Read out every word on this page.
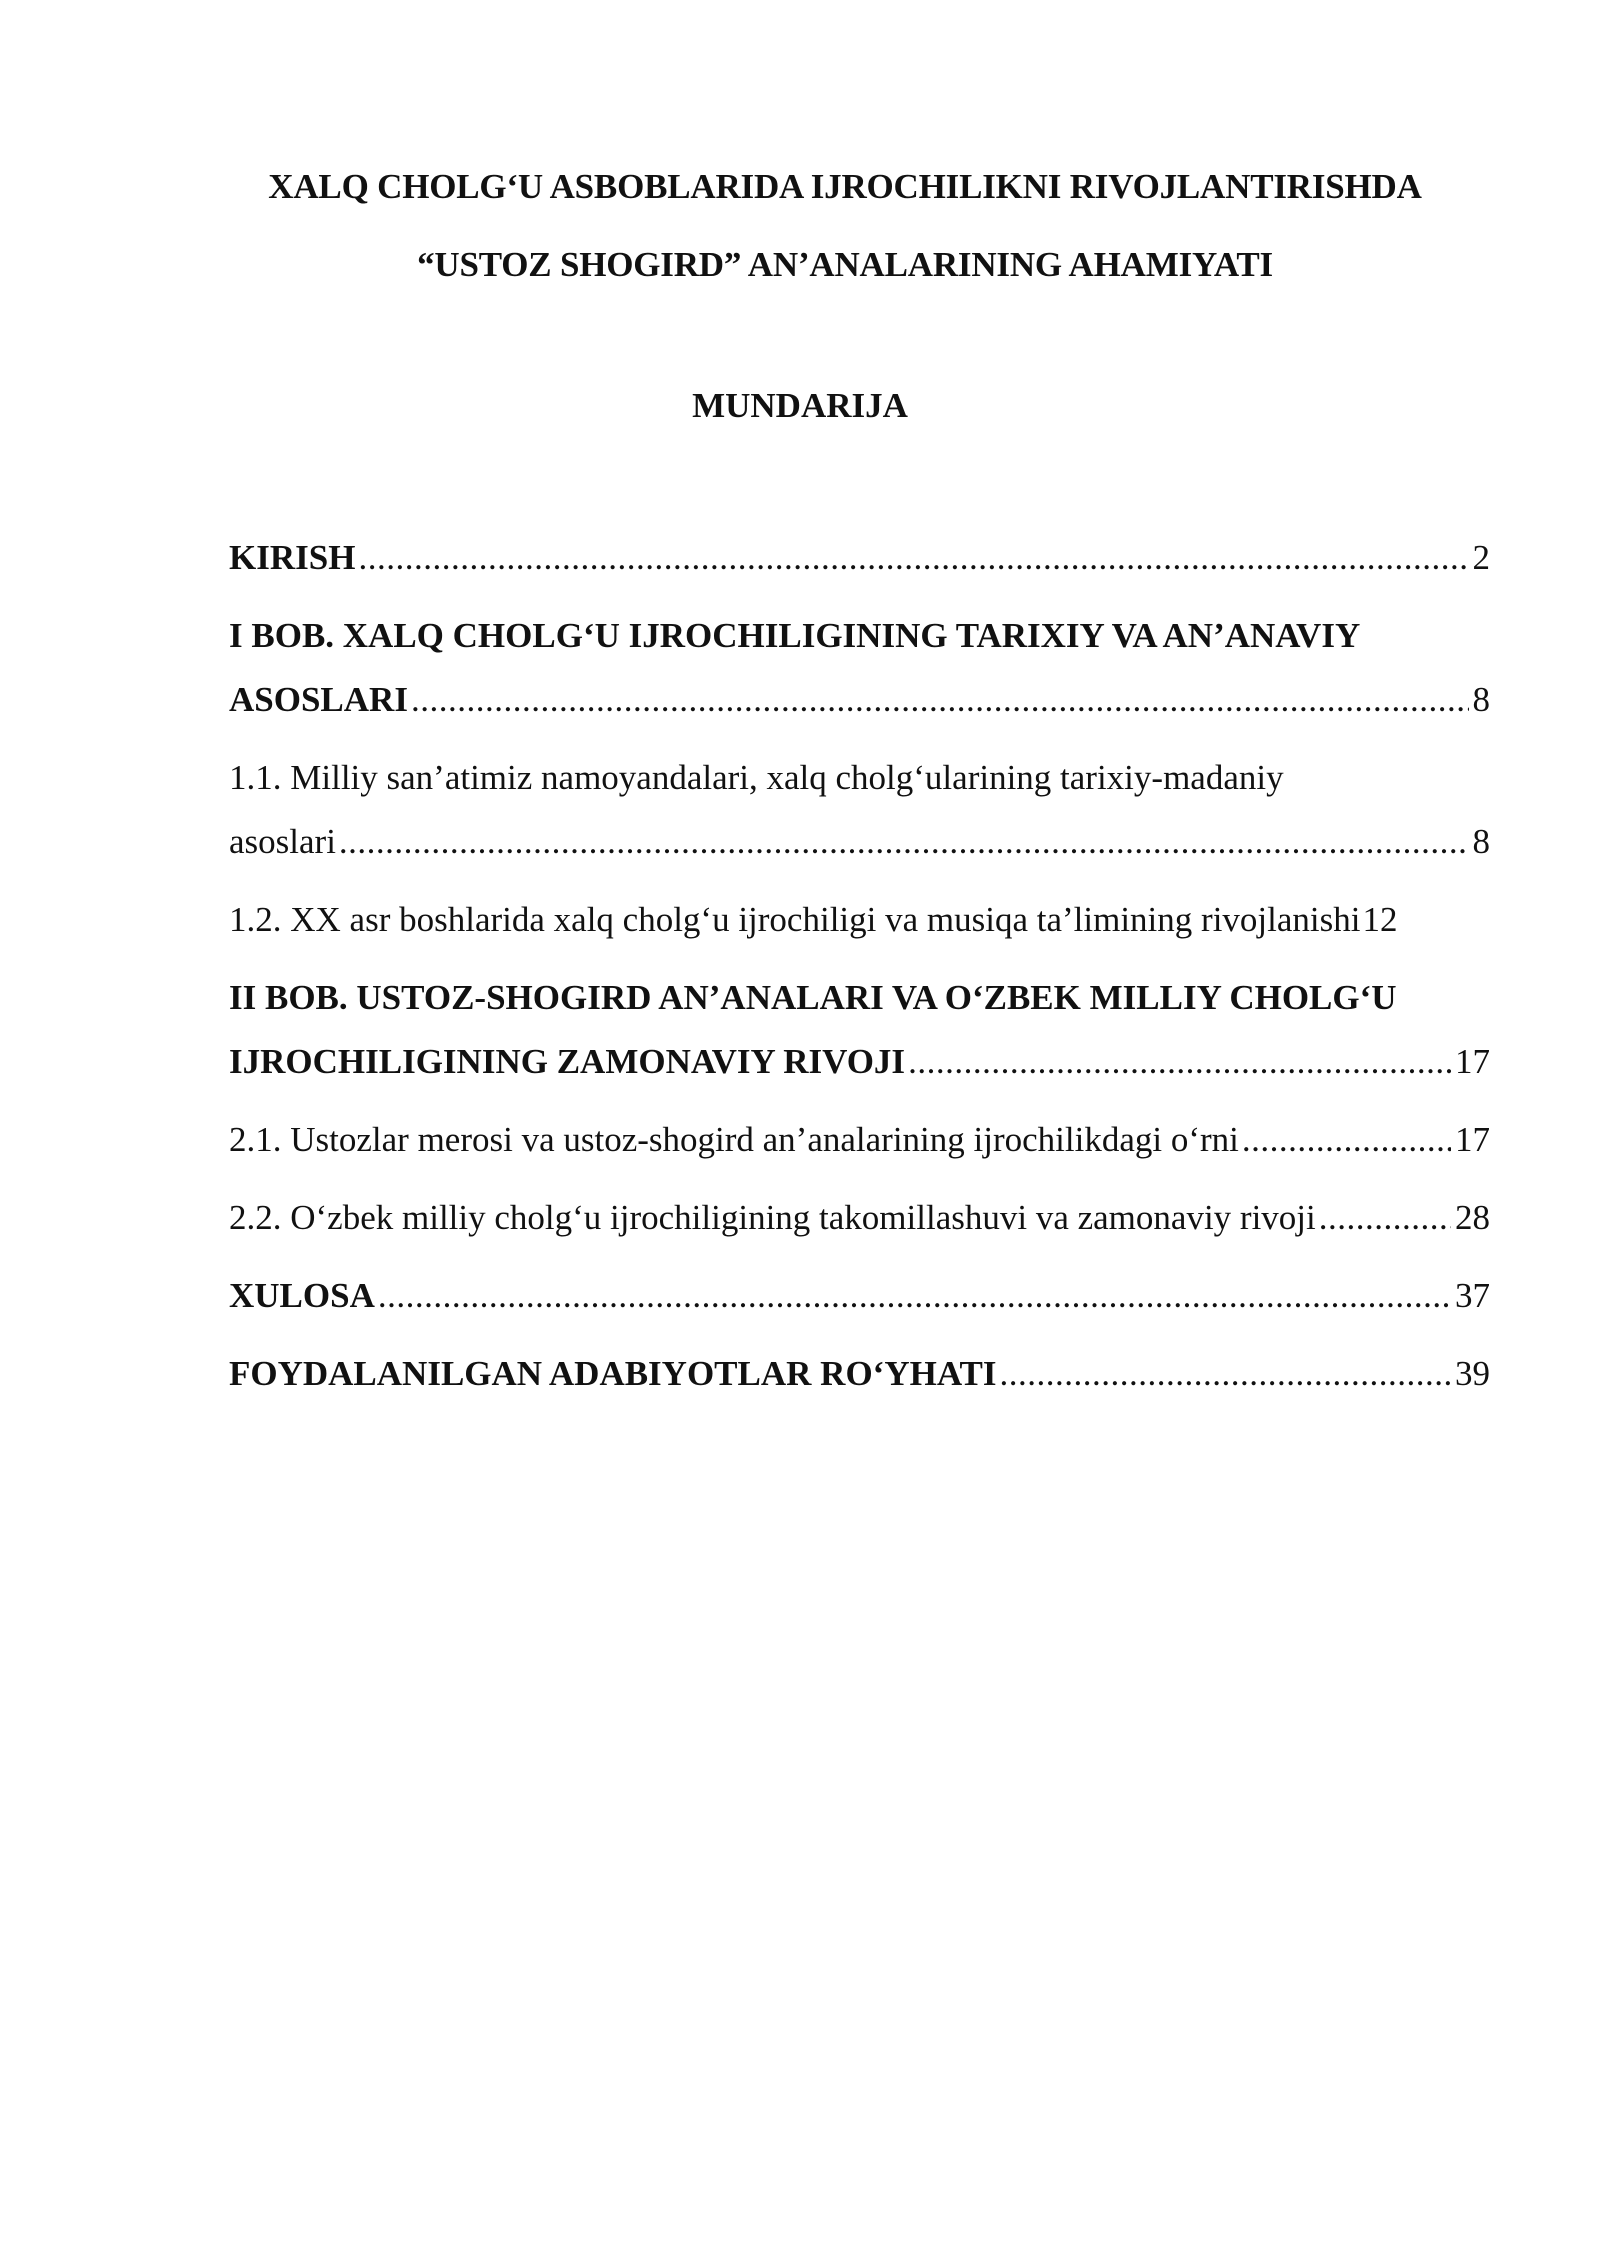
XALQ CHOLG‘U ASBOBLARIDA IJROCHILIKNI RIVOJLANTIRISHDA
“USTOZ SHOGIRD” AN’ANALARINING AHAMIYATI
MUNDARIJA
KIRISH .....	2
I BOB. XALQ CHOLG‘U IJROCHILIGINING TARIXIY VA AN’ANAVIY
ASOSLARI .....	8
1.1. Milliy san’atimiz namoyandalari, xalq cholg‘ularining tarixiy-madaniy
asoslari .....	8
1.2. XX asr boshlarida xalq cholg‘u ijrochiligi va musiqa ta’limining rivojlanishi 12
II BOB. USTOZ-SHOGIRD AN’ANALARI VA O‘ZBEK MILLIY CHOLG‘U
IJROCHILIGINING ZAMONAVIY RIVOJI .....	17
2.1. Ustozlar merosi va ustoz-shogird an’analarining ijrochilikdagi o‘rni .....	17
2.2. O‘zbek milliy cholg‘u ijrochiligining takomillashuvi va zamonaviy rivoji .....	28
XULOSA .....	37
FOYDALANILGAN ADABIYOTLAR RO‘YHATI .....	39
